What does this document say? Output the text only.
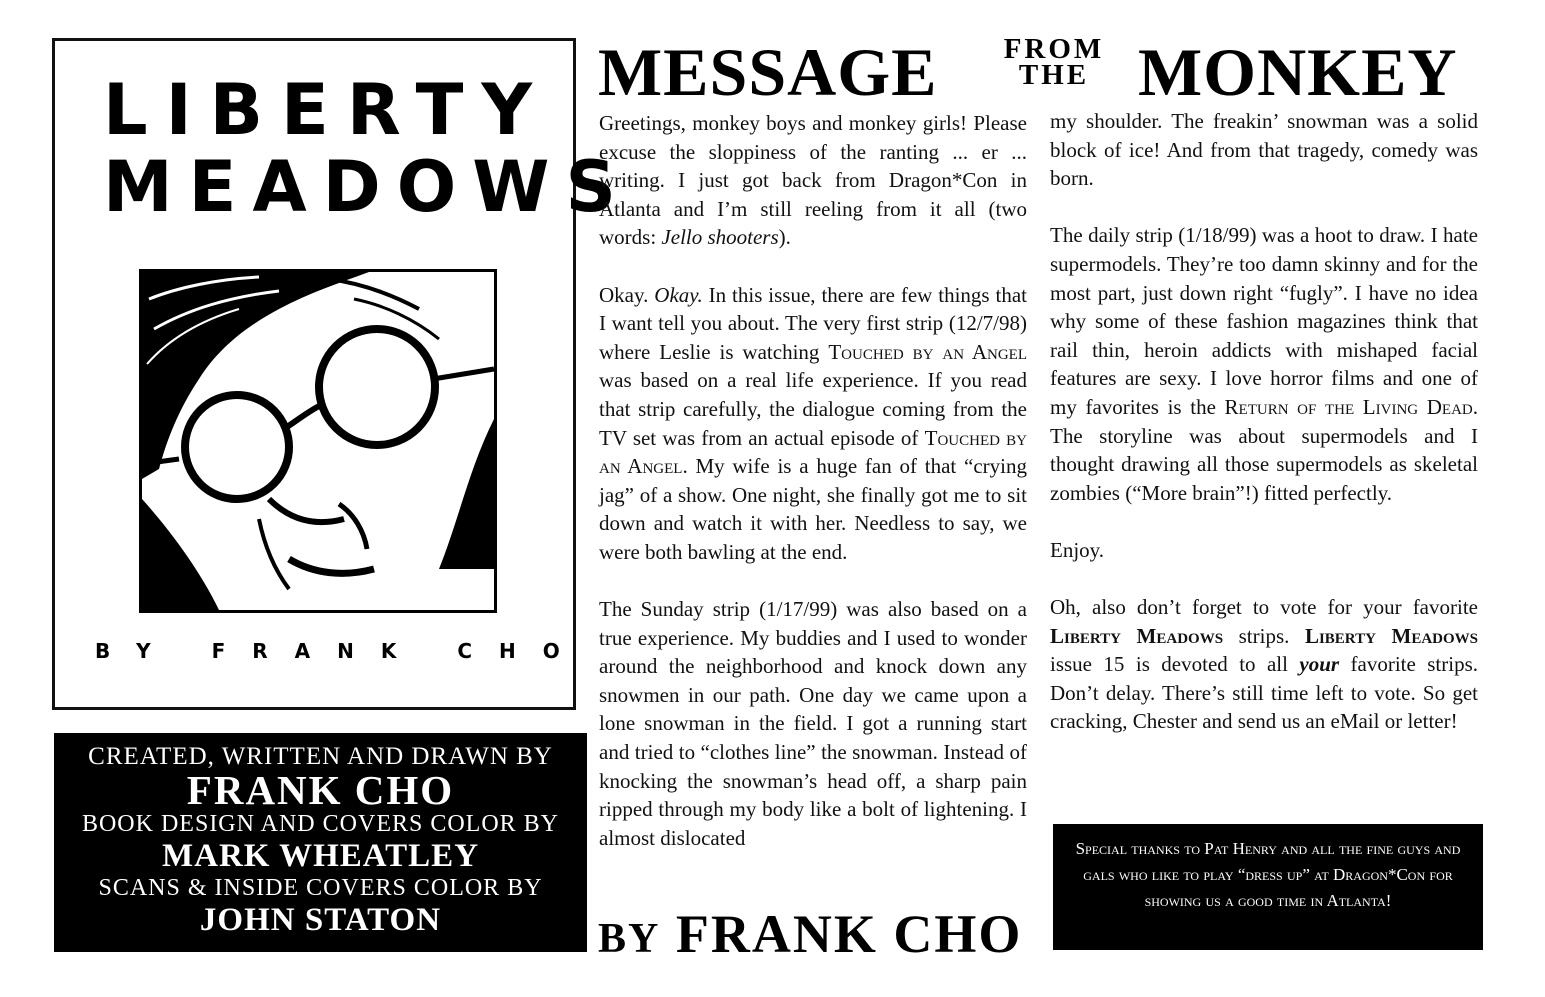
LIBERTY
MEADOWS
BY FRANK CHO
CREATED, WRITTEN AND DRAWN BY
FRANK CHO
BOOK DESIGN AND COVERS COLOR BY
MARK WHEATLEY
SCANS & INSIDE COVERS COLOR BY
JOHN STATON
MESSAGE	FROM
THE MONKEY

Greetings, monkey boys and monkey girls! Please excuse the sloppiness of the ranting ... er ... writing. I just got back from Dragon*Con in Atlanta and I’m still reeling from it all (two words: Jello shooters).

Okay. Okay. In this issue, there are few things that I want tell you about. The very first strip (12/7/98) where Leslie is watching Touched by an Angel was based on a real life experience. If you read that strip carefully, the dialogue coming from the TV set was from an actual episode of Touched by an Angel. My wife is a huge fan of that “crying jag” of a show. One night, she finally got me to sit down and watch it with her. Needless to say, we were both bawling at the end.

The Sunday strip (1/17/99) was also based on a true experience. My buddies and I used to wonder around the neighborhood and knock down any snowmen in our path. One day we came upon a lone snowman in the field. I got a running start and tried to “clothes line” the snowman. Instead of knocking the snowman’s head off, a sharp pain ripped through my body like a bolt of lightening. I almost dislocated

my shoulder. The freakin’ snowman was a solid block of ice! And from that tragedy, comedy was born.

The daily strip (1/18/99) was a hoot to draw. I hate supermodels. They’re too damn skinny and for the most part, just down right “fugly”. I have no idea why some of these fashion magazines think that rail thin, heroin addicts with mishaped facial features are sexy. I love horror films and one of my favorites is the Return of the Living Dead. The storyline was about supermodels and I thought drawing all those supermodels as skeletal zombies (“More brain”!) fitted perfectly.

Enjoy.

Oh, also don’t forget to vote for your favorite Liberty Meadows strips. Liberty Meadows issue 15 is devoted to all your favorite strips. Don’t delay. There’s still time left to vote. So get cracking, Chester and send us an eMail or letter!

BY FRANK CHO
Special thanks to Pat Henry and all the fine guys and gals who like to play “dress up” at Dragon*Con for showing us a good time in Atlanta!
